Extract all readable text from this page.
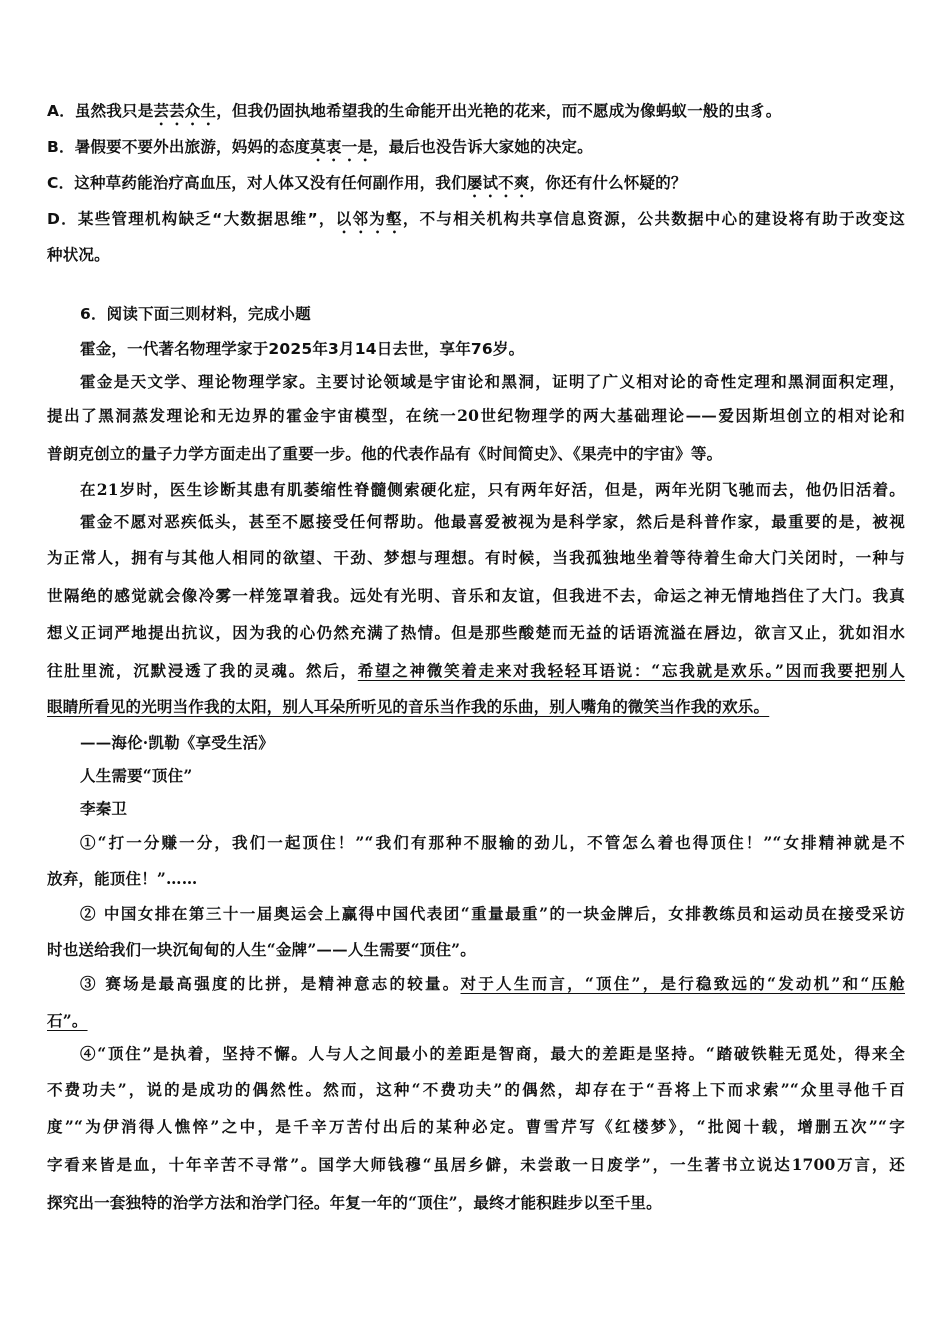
A．虽然我只是芸芸众生，但我仍固执地希望我的生命能开出光艳的花来，而不愿成为像蚂蚁一般的虫豸。
B．暑假要不要外出旅游，妈妈的态度莫衷一是，最后也没告诉大家她的决定。
C．这种草药能治疗高血压，对人体又没有任何副作用，我们屡试不爽，你还有什么怀疑的？
D．某些管理机构缺乏“大数据思维”，以邻为壑，不与相关机构共享信息资源，公共数据中心的建设将有助于改变这
种状况。
6．阅读下面三则材料，完成小题
霍金，一代著名物理学家于2025年3月14日去世，享年76岁。
霍金是天文学、理论物理学家。主要讨论领域是宇宙论和黑洞，证明了广义相对论的奇性定理和黑洞面积定理，
提出了黑洞蒸发理论和无边界的霍金宇宙模型，在统一20世纪物理学的两大基础理论——爱因斯坦创立的相对论和
普朗克创立的量子力学方面走出了重要一步。他的代表作品有《时间简史》、《果壳中的宇宙》等。
在21岁时，医生诊断其患有肌萎缩性脊髓侧索硬化症，只有两年好活，但是，两年光阴飞驰而去，他仍旧活着。
霍金不愿对恶疾低头，甚至不愿接受任何帮助。他最喜爱被视为是科学家，然后是科普作家，最重要的是，被视
为正常人，拥有与其他人相同的欲望、干劲、梦想与理想。有时候，当我孤独地坐着等待着生命大门关闭时，一种与
世隔绝的感觉就会像冷雾一样笼罩着我。远处有光明、音乐和友谊，但我进不去，命运之神无情地挡住了大门。我真
想义正词严地提出抗议，因为我的心仍然充满了热情。但是那些酸楚而无益的话语流溢在唇边，欲言又止，犹如泪水
往肚里流，沉默浸透了我的灵魂。然后，希望之神微笑着走来对我轻轻耳语说：“忘我就是欢乐。”因而我要把别人
眼睛所看见的光明当作我的太阳，别人耳朵所听见的音乐当作我的乐曲，别人嘴角的微笑当作我的欢乐。
——海伦·凯勒《享受生活》
人生需要“顶住”
李秦卫
①“打一分赚一分，我们一起顶住！”“我们有那种不服输的劲儿，不管怎么着也得顶住！”“女排精神就是不
放弃，能顶住！”……
② 中国女排在第三十一届奥运会上赢得中国代表团“重量最重”的一块金牌后，女排教练员和运动员在接受采访
时也送给我们一块沉甸甸的人生“金牌”——人生需要“顶住”。
③ 赛场是最高强度的比拼，是精神意志的较量。对于人生而言，“顶住”，是行稳致远的“发动机”和“压舱
石”。
④“顶住”是执着，坚持不懈。人与人之间最小的差距是智商，最大的差距是坚持。“踏破铁鞋无觅处，得来全
不费功夫”，说的是成功的偶然性。然而，这种“不费功夫”的偶然，却存在于“吾将上下而求索”“众里寻他千百
度”“为伊消得人憔悴”之中，是千辛万苦付出后的某种必定。曹雪芹写《红楼梦》，“批阅十载，增删五次”“字
字看来皆是血，十年辛苦不寻常”。国学大师钱穆“虽居乡僻，未尝敢一日废学”，一生著书立说达1700万言，还
探究出一套独特的治学方法和治学门径。年复一年的“顶住”，最终才能积跬步以至千里。
